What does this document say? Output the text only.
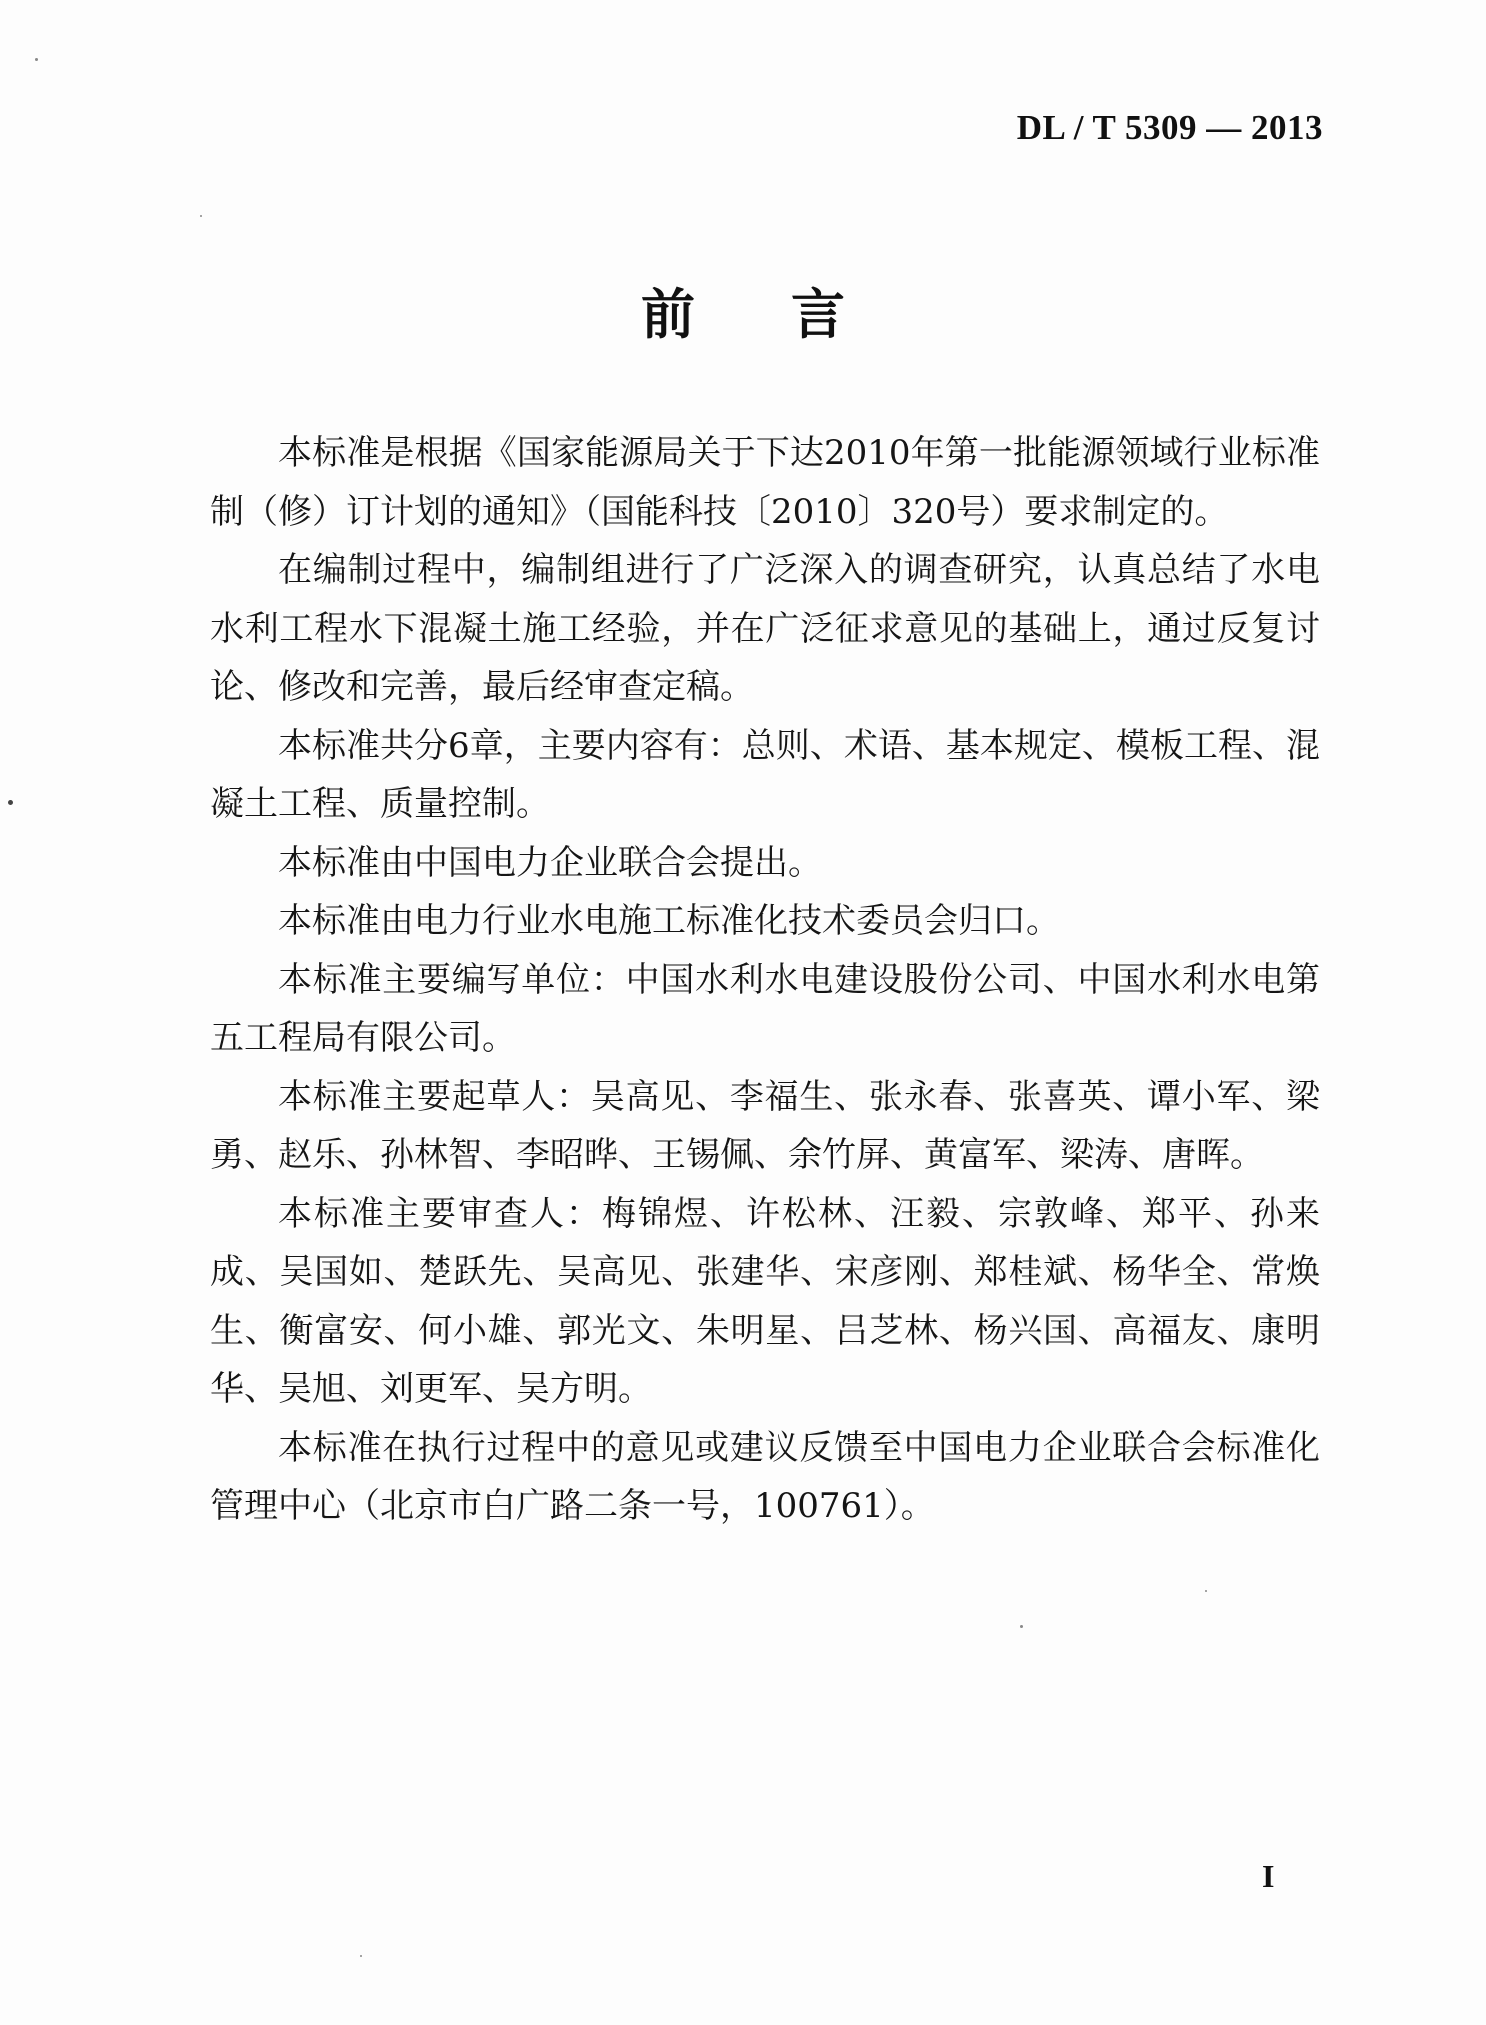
DL / T 5309 — 2013
前言

本标准是根据《国家能源局关于下达2010年第一批能源领域行业标准制（修）订计划的通知》（国能科技〔2010〕320号）要求制定的。

在编制过程中，编制组进行了广泛深入的调查研究，认真总结了水电水利工程水下混凝土施工经验，并在广泛征求意见的基础上，通过反复讨论、修改和完善，最后经审查定稿。

本标准共分6章，主要内容有：总则、术语、基本规定、模板工程、混凝土工程、质量控制。

本标准由中国电力企业联合会提出。

本标准由电力行业水电施工标准化技术委员会归口。

本标准主要编写单位：中国水利水电建设股份公司、中国水利水电第五工程局有限公司。

本标准主要起草人：吴高见、李福生、张永春、张喜英、谭小军、梁勇、赵乐、孙林智、李昭晔、王锡佩、余竹屏、黄富军、梁涛、唐晖。

本标准主要审查人：梅锦煜、许松林、汪毅、宗敦峰、郑平、孙来成、吴国如、楚跃先、吴高见、张建华、宋彦刚、郑桂斌、杨华全、常焕生、衡富安、何小雄、郭光文、朱明星、吕芝林、杨兴国、高福友、康明华、吴旭、刘更军、吴方明。

本标准在执行过程中的意见或建议反馈至中国电力企业联合会标准化管理中心（北京市白广路二条一号，100761）。

I
